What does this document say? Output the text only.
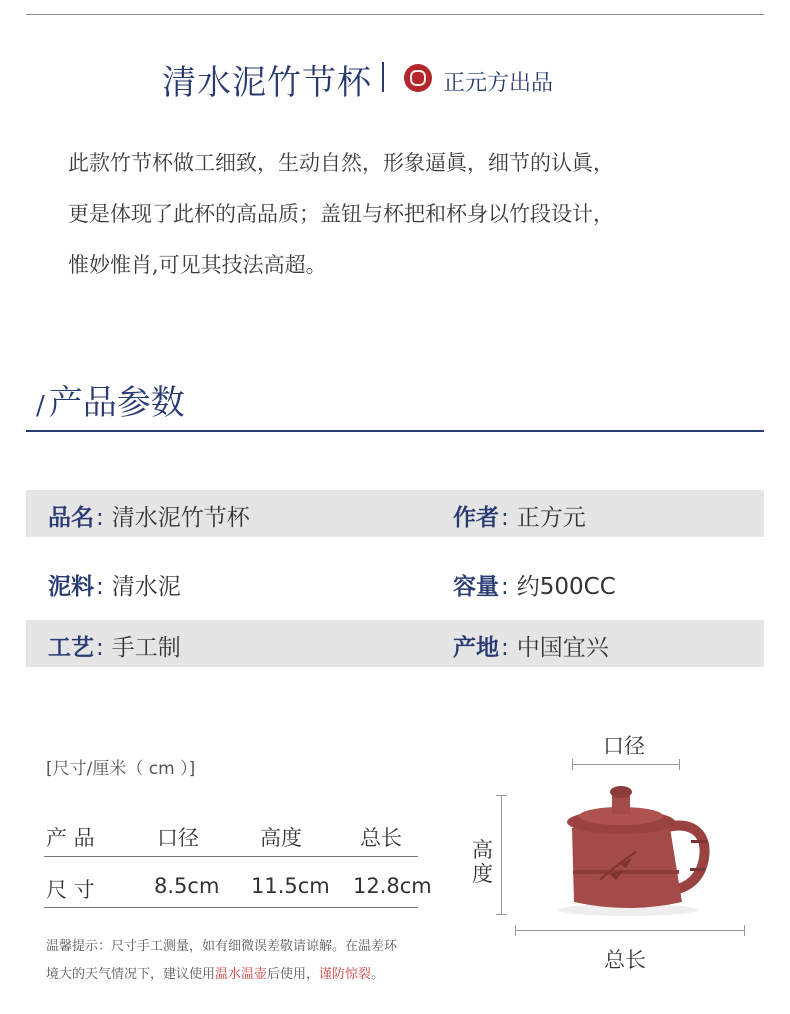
清水泥竹节杯	正元方出品
此款竹节杯做工细致，生动自然，形象逼眞，细节的认眞，
更是体现了此杯的高品质；盖钮与杯把和杯身以竹段设计，
惟妙惟肖,可见其技法高超。
/ 产品参数
品名: 清水泥竹节杯	作者: 正方元
泥料: 清水泥	容量: 约500CC
工艺: 手工制	产地: 中国宜兴
[尺寸/厘米（ cm ）]
产 品	口径	高度	总长
尺 寸	8.5cm 11.5cm 12.8cm
温馨提示：尺寸手工测量，如有细微误差敬请谅解。在温差环
境大的天气情况下，建议使用温水温壶后使用，谨防惊裂。
口径
高
度
总长
